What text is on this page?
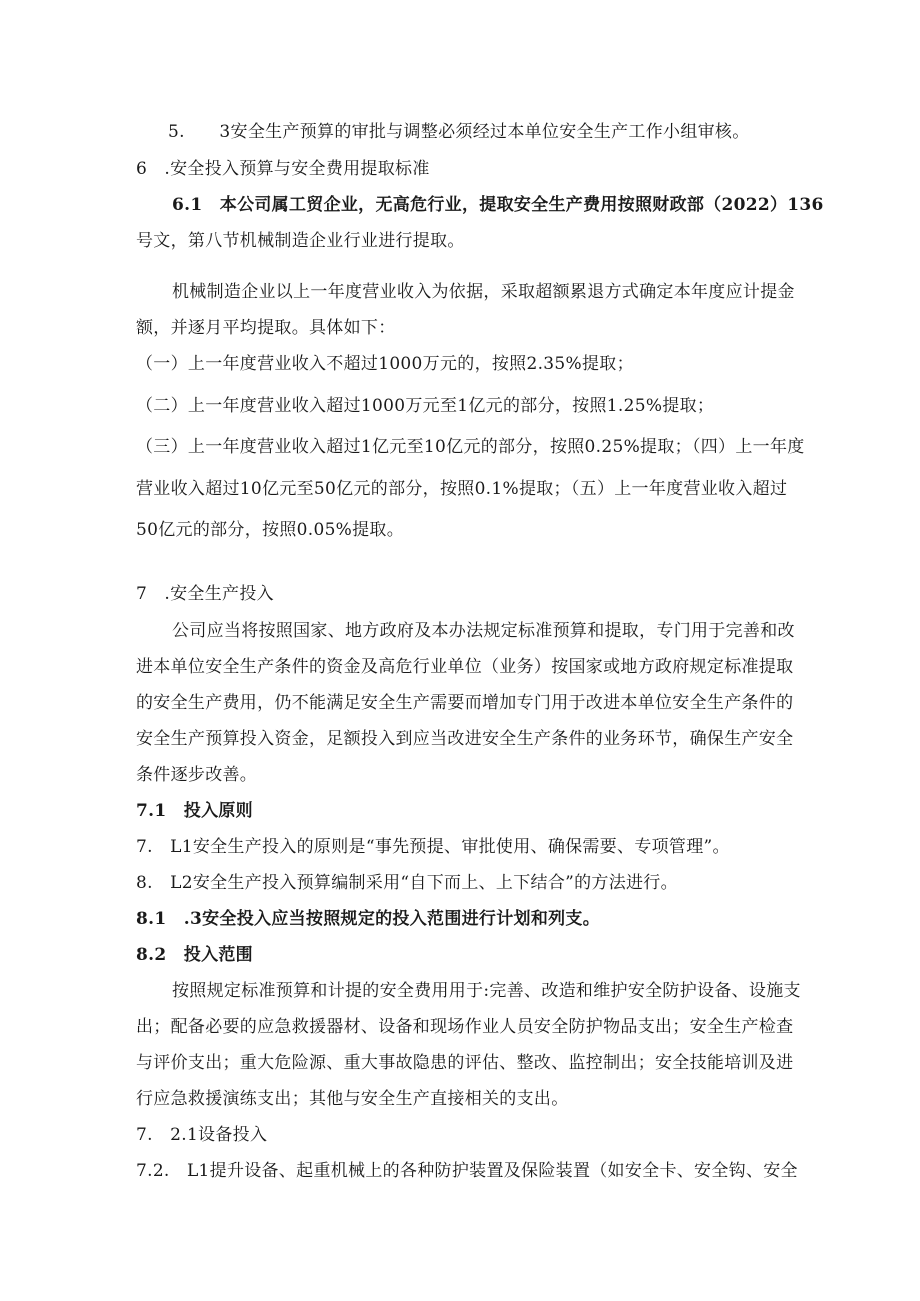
5.　　3安全生产预算的审批与调整必须经过本单位安全生产工作小组审核。
6　.安全投入预算与安全费用提取标准
6.1　本公司属工贸企业，无高危行业，提取安全生产费用按照财政部（2022）136
号文，第八节机械制造企业行业进行提取。
机械制造企业以上一年度营业收入为依据，采取超额累退方式确定本年度应计提金
额，并逐月平均提取。具体如下：
（一）上一年度营业收入不超过1000万元的，按照2.35%提取；
（二）上一年度营业收入超过1000万元至1亿元的部分，按照1.25%提取；
（三）上一年度营业收入超过1亿元至10亿元的部分，按照0.25%提取；（四）上一年度
营业收入超过10亿元至50亿元的部分，按照0.1%提取；（五）上一年度营业收入超过
50亿元的部分，按照0.05%提取。
7　.安全生产投入
公司应当将按照国家、地方政府及本办法规定标准预算和提取，专门用于完善和改
进本单位安全生产条件的资金及高危行业单位（业务）按国家或地方政府规定标准提取
的安全生产费用，仍不能满足安全生产需要而增加专门用于改进本单位安全生产条件的
安全生产预算投入资金，足额投入到应当改进安全生产条件的业务环节，确保生产安全
条件逐步改善。
7.1　投入原则
7.　L1安全生产投入的原则是“事先预提、审批使用、确保需要、专项管理”。
8.　L2安全生产投入预算编制采用“自下而上、上下结合”的方法进行。
8.1　.3安全投入应当按照规定的投入范围进行计划和列支。
8.2　投入范围
按照规定标准预算和计提的安全费用用于:完善、改造和维护安全防护设备、设施支
出；配备必要的应急救援器材、设备和现场作业人员安全防护物品支出；安全生产检查
与评价支出；重大危险源、重大事故隐患的评估、整改、监控制出；安全技能培训及进
行应急救援演练支出；其他与安全生产直接相关的支出。
7.　2.1设备投入
7.2.　L1提升设备、起重机械上的各种防护装置及保险装置（如安全卡、安全钩、安全
